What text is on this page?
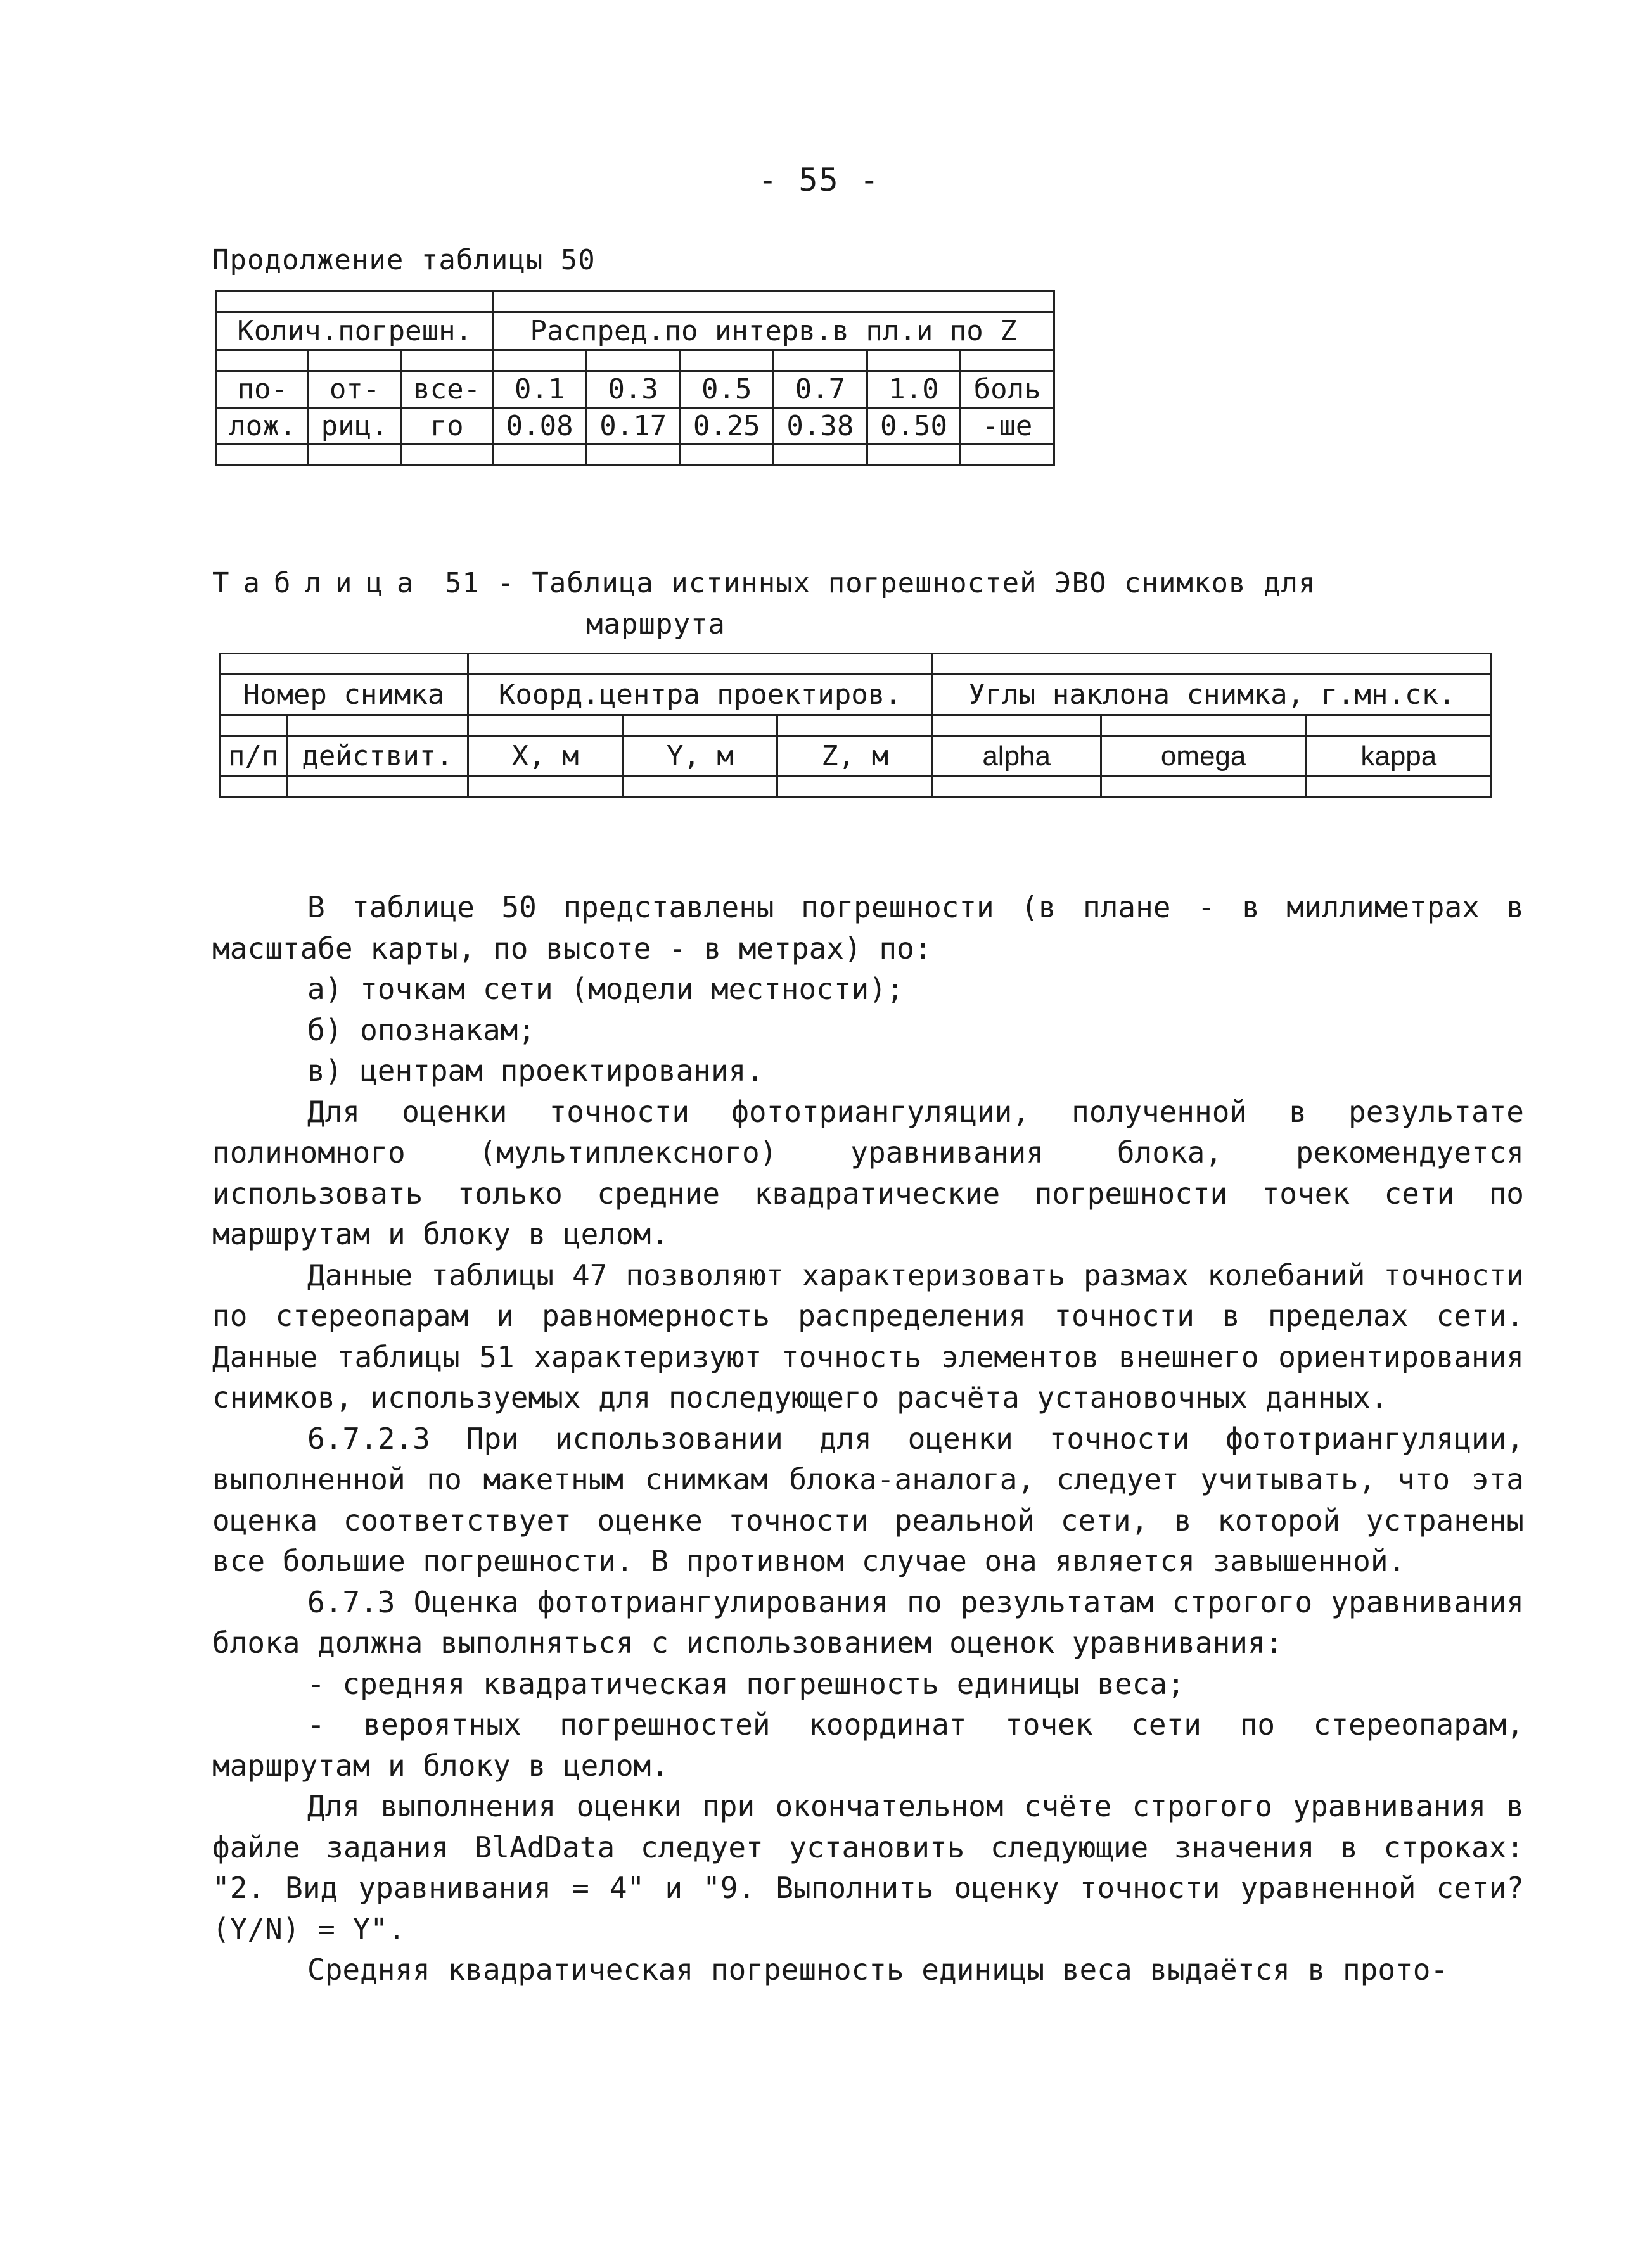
- 55 -
Продолжение таблицы 50

Колич.погрешн.			Распред.по интерв.в пл.и по Z					

по-	от-	все-	0.1	0.3	0.5	0.7	1.0	боль
лож.	риц.	го	0.08	0.17	0.25	0.38	0.50	-ше

Таблица 51 - Таблица истинных погрешностей ЭВО снимков для
маршрута

Номер снимка		Коорд.центра проектиров.			Углы наклона снимка, г.мн.ск.		

п/п	действит.	X, м	Y, м	Z, м	alpha	omega	kappa

В таблице 50 представлены погрешности (в плане - в миллиметрах в масштабе карты, по высоте - в метрах) по:

а) точкам сети (модели местности);

б) опознакам;

в) центрам проектирования.

Для оценки точности фототриангуляции, полученной в результате полиномного (мультиплексного) уравнивания блока, рекомендуется использовать только средние квадратические погрешности точек сети по маршрутам и блоку в целом.

Данные таблицы 47 позволяют характеризовать размах колебаний точности по стереопарам и равномерность распределения точности в пределах сети. Данные таблицы 51 характеризуют точность элементов внешнего ориентирования снимков, используемых для последующего расчёта установочных данных.

6.7.2.3 При использовании для оценки точности фототриангуляции, выполненной по макетным снимкам блока-аналога, следует учитывать, что эта оценка соответствует оценке точности реальной сети, в которой устранены все большие погрешности. В противном случае она является завышенной.

6.7.3 Оценка фототриангулирования по результатам строгого уравнивания блока должна выполняться с использованием оценок уравнивания:

- средняя квадратическая погрешность единицы веса;

- вероятных погрешностей координат точек сети по стереопарам, маршрутам и блоку в целом.

Для выполнения оценки при окончательном счёте строгого уравнивания в файле задания BlAdData следует установить следующие значения в строках: "2. Вид уравнивания = 4" и "9. Выполнить оценку точности уравненной сети? (Y/N) = Y".

Средняя квадратическая погрешность единицы веса выдаётся в прото-
